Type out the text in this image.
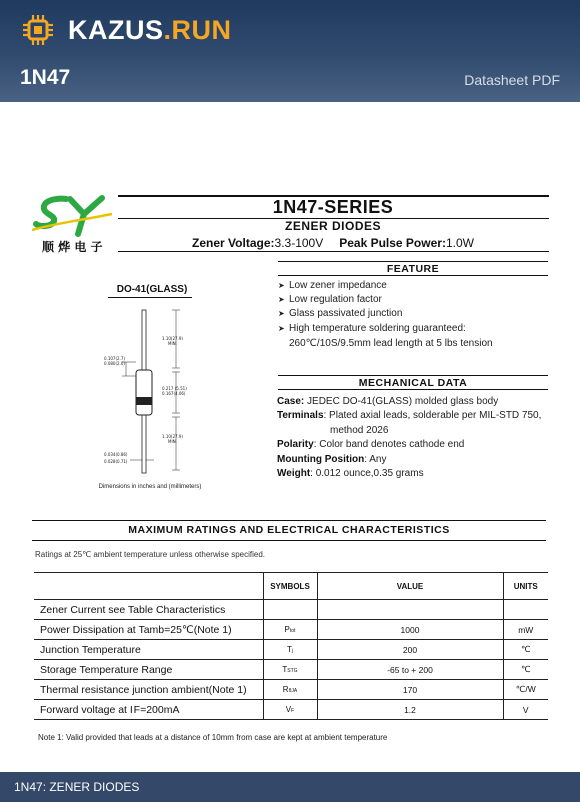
KAZUS.RUN
1N47	Datasheet PDF
顺 烨 电 子
1N47-SERIES
ZENER DIODES
Zener Voltage:3.3-100V Peak Pulse Power:1.0W
DO-41(GLASS)
1.10(27.9)
MIN.
0.107(2.7)
0.080(2.0)
0.217 (5.51)
0.167(4.06)
1.10(27.9)
MIN.
0.034(0.86)
0.028(0.71)
Dimensions in inches and (millimeters)
FEATURE
➤ Low zener impedance
➤ Low regulation factor
➤ Glass passivated junction
➤ High temperature soldering guaranteed:
260℃/10S/9.5mm lead length at 5 lbs tension
MECHANICAL DATA
Case: JEDEC DO-41(GLASS) molded glass body
Terminals: Plated axial leads, solderable per MIL-STD 750,
method 2026
Polarity: Color band denotes cathode end
Mounting Position: Any
Weight: 0.012 ounce,0.35 grams
MAXIMUM RATINGS AND ELECTRICAL CHARACTERISTICS
Ratings at 25℃ ambient temperature unless otherwise specified.
	SYMBOLS	VALUE	UNITS
Zener Current see Table Characteristics			
Power Dissipation at Tamb=25℃(Note 1)	Ptot	1000	mW
Junction Temperature	Tj	200	℃
Storage Temperature Range	TSTG	-65 to + 200	℃
Thermal resistance junction ambient(Note 1)	RθJA	170	℃/W
Forward voltage at I F=200mA	VF	1.2	V
Note 1: Valid provided that leads at a distance of 10mm from case are kept at ambient temperature
1N47: ZENER DIODES
